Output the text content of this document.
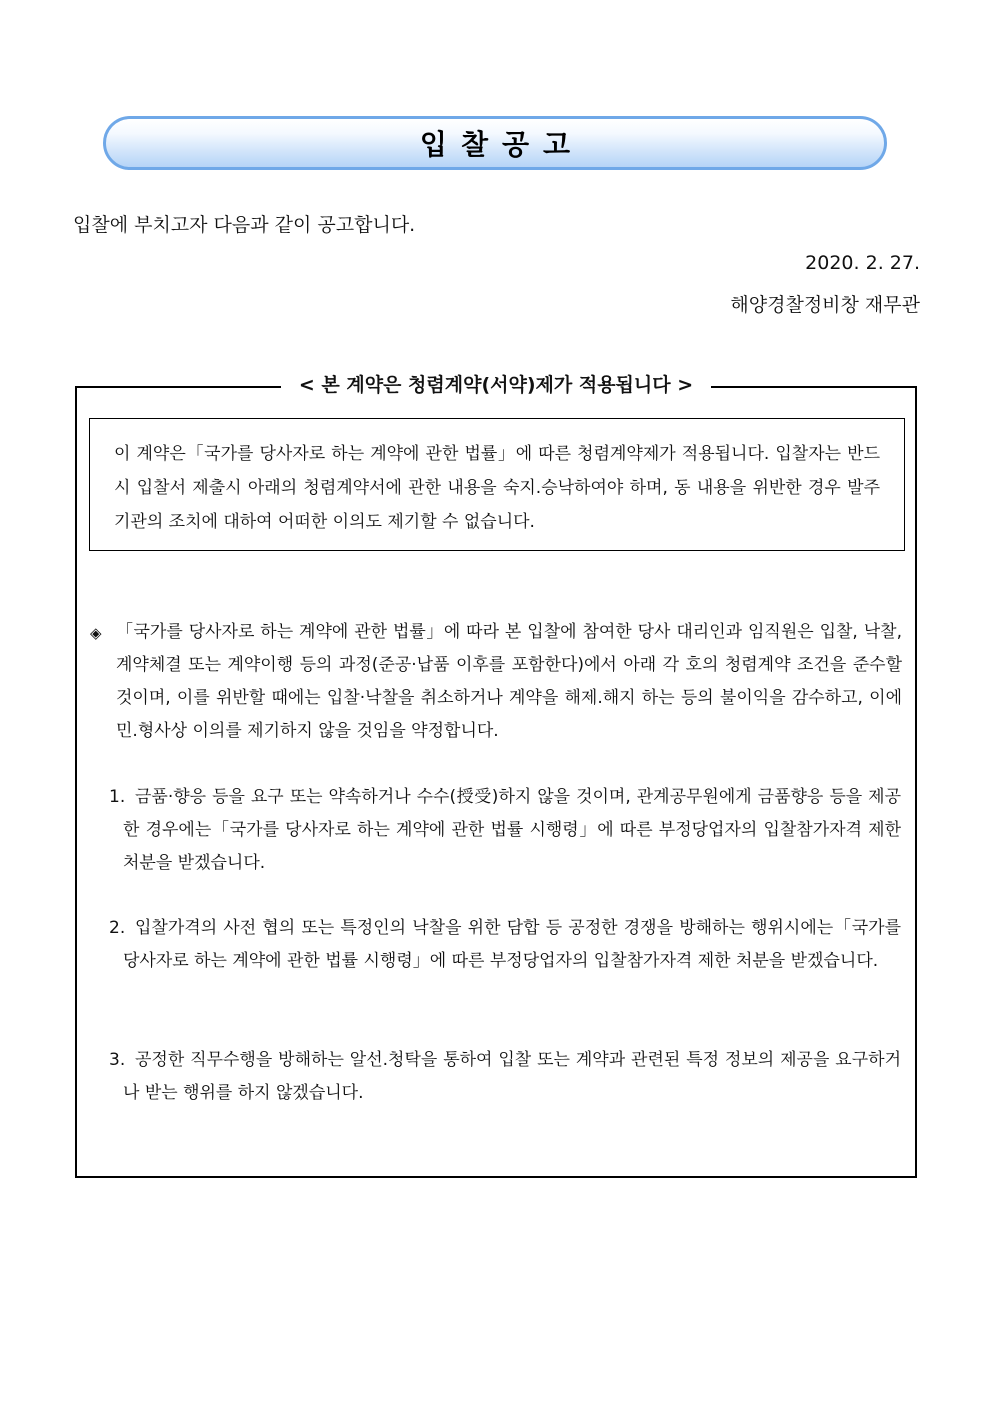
입찰공고
입찰에 부치고자 다음과 같이 공고합니다.
2020. 2. 27.
해양경찰정비창 재무관
< 본 계약은 청렴계약(서약)제가 적용됩니다 >
이 계약은「국가를 당사자로 하는 계약에 관한 법률」에 따른 청렴계약제가 적용됩니다. 입찰자는 반드시 입찰서 제출시 아래의 청렴계약서에 관한 내용을 숙지.승낙하여야 하며, 동 내용을 위반한 경우 발주기관의 조치에 대하여 어떠한 이의도 제기할 수 없습니다.
◈ 「국가를 당사자로 하는 계약에 관한 법률」에 따라 본 입찰에 참여한 당사 대리인과 임직원은 입찰, 낙찰, 계약체결 또는 계약이행 등의 과정(준공·납품 이후를 포함한다)에서 아래 각 호의 청렴계약 조건을 준수할 것이며, 이를 위반할 때에는 입찰·낙찰을 취소하거나 계약을 해제.해지 하는 등의 불이익을 감수하고, 이에 민.형사상 이의를 제기하지 않을 것임을 약정합니다.
1. 금품·향응 등을 요구 또는 약속하거나 수수(授受)하지 않을 것이며, 관계공무원에게 금품향응 등을 제공한 경우에는「국가를 당사자로 하는 계약에 관한 법률 시행령」에 따른 부정당업자의 입찰참가자격 제한 처분을 받겠습니다.
2. 입찰가격의 사전 협의 또는 특정인의 낙찰을 위한 담합 등 공정한 경쟁을 방해하는 행위시에는「국가를 당사자로 하는 계약에 관한 법률 시행령」에 따른 부정당업자의 입찰참가자격 제한 처분을 받겠습니다.
3. 공정한 직무수행을 방해하는 알선.청탁을 통하여 입찰 또는 계약과 관련된 특정 정보의 제공을 요구하거나 받는 행위를 하지 않겠습니다.
